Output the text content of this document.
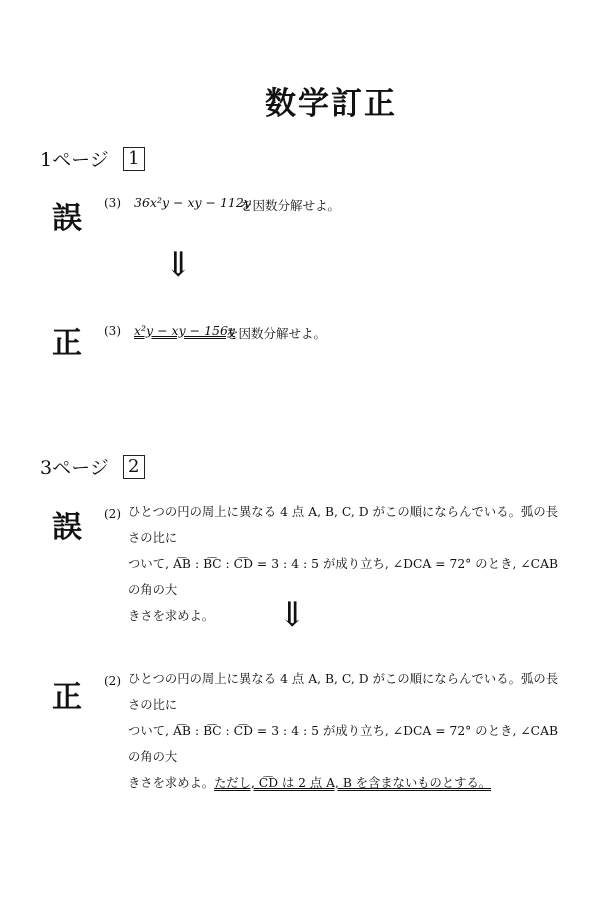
数学訂正
1ページ 1
誤 (3) 36x²y − xy − 112y
を因数分解せよ。
⇓
正 (3) x²y − xy − 156y
を因数分解せよ。
3ページ 2
誤 (2) ひとつの円の周上に異なる 4 点 A, B, C, D がこの順にならんでいる。弧の長さの比に

ついて, A͡B : B͡C : C͡D = 3 : 4 : 5 が成り立ち, ∠DCA = 72° のとき, ∠CAB の角の大

きさを求めよ。	⇓
正 (2) ひとつの円の周上に異なる 4 点 A, B, C, D がこの順にならんでいる。弧の長さの比に

ついて, A͡B : B͡C : C͡D = 3 : 4 : 5 が成り立ち, ∠DCA = 72° のとき, ∠CAB の角の大

きさを求めよ。ただし, C͡D は 2 点 A, B を含まないものとする。
